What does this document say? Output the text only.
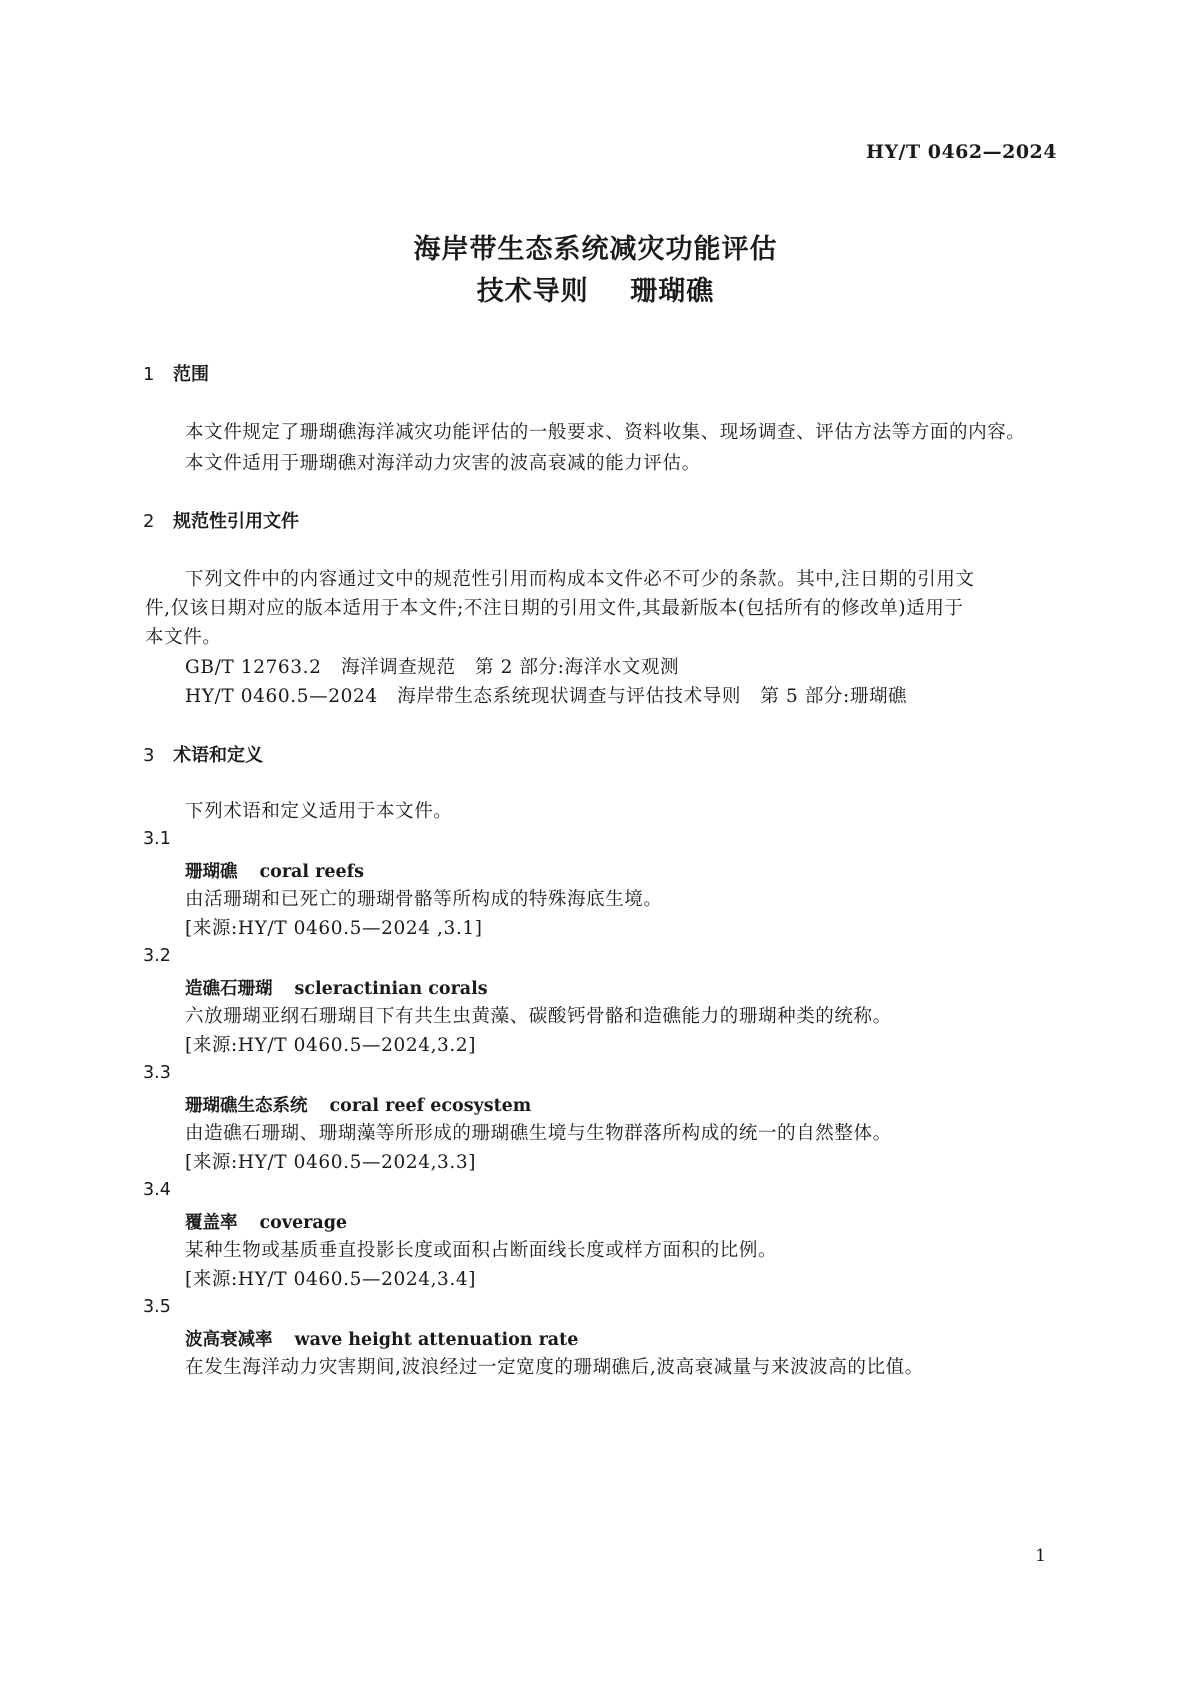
HY/T 0462—2024
海岸带生态系统减灾功能评估
技术导则    珊瑚礁
1 范围
本文件规定了珊瑚礁海洋减灾功能评估的一般要求、资料收集、现场调查、评估方法等方面的内容。
本文件适用于珊瑚礁对海洋动力灾害的波高衰减的能力评估。
2 规范性引用文件
下列文件中的内容通过文中的规范性引用而构成本文件必不可少的条款。其中,注日期的引用文
件,仅该日期对应的版本适用于本文件;不注日期的引用文件,其最新版本(包括所有的修改单)适用于
本文件。
GB/T 12763.2   海洋调查规范   第 2 部分:海洋水文观测
HY/T 0460.5—2024   海岸带生态系统现状调查与评估技术导则   第 5 部分:珊瑚礁
3 术语和定义
下列术语和定义适用于本文件。
3.1
珊瑚礁 coral reefs
由活珊瑚和已死亡的珊瑚骨骼等所构成的特殊海底生境。
[来源:HY/T 0460.5—2024 ,3.1]
3.2
造礁石珊瑚 scleractinian corals
六放珊瑚亚纲石珊瑚目下有共生虫黄藻、碳酸钙骨骼和造礁能力的珊瑚种类的统称。
[来源:HY/T 0460.5—2024,3.2]
3.3
珊瑚礁生态系统 coral reef ecosystem
由造礁石珊瑚、珊瑚藻等所形成的珊瑚礁生境与生物群落所构成的统一的自然整体。
[来源:HY/T 0460.5—2024,3.3]
3.4
覆盖率 coverage
某种生物或基质垂直投影长度或面积占断面线长度或样方面积的比例。
[来源:HY/T 0460.5—2024,3.4]
3.5
波高衰减率 wave height attenuation rate
在发生海洋动力灾害期间,波浪经过一定宽度的珊瑚礁后,波高衰减量与来波波高的比值。
1
